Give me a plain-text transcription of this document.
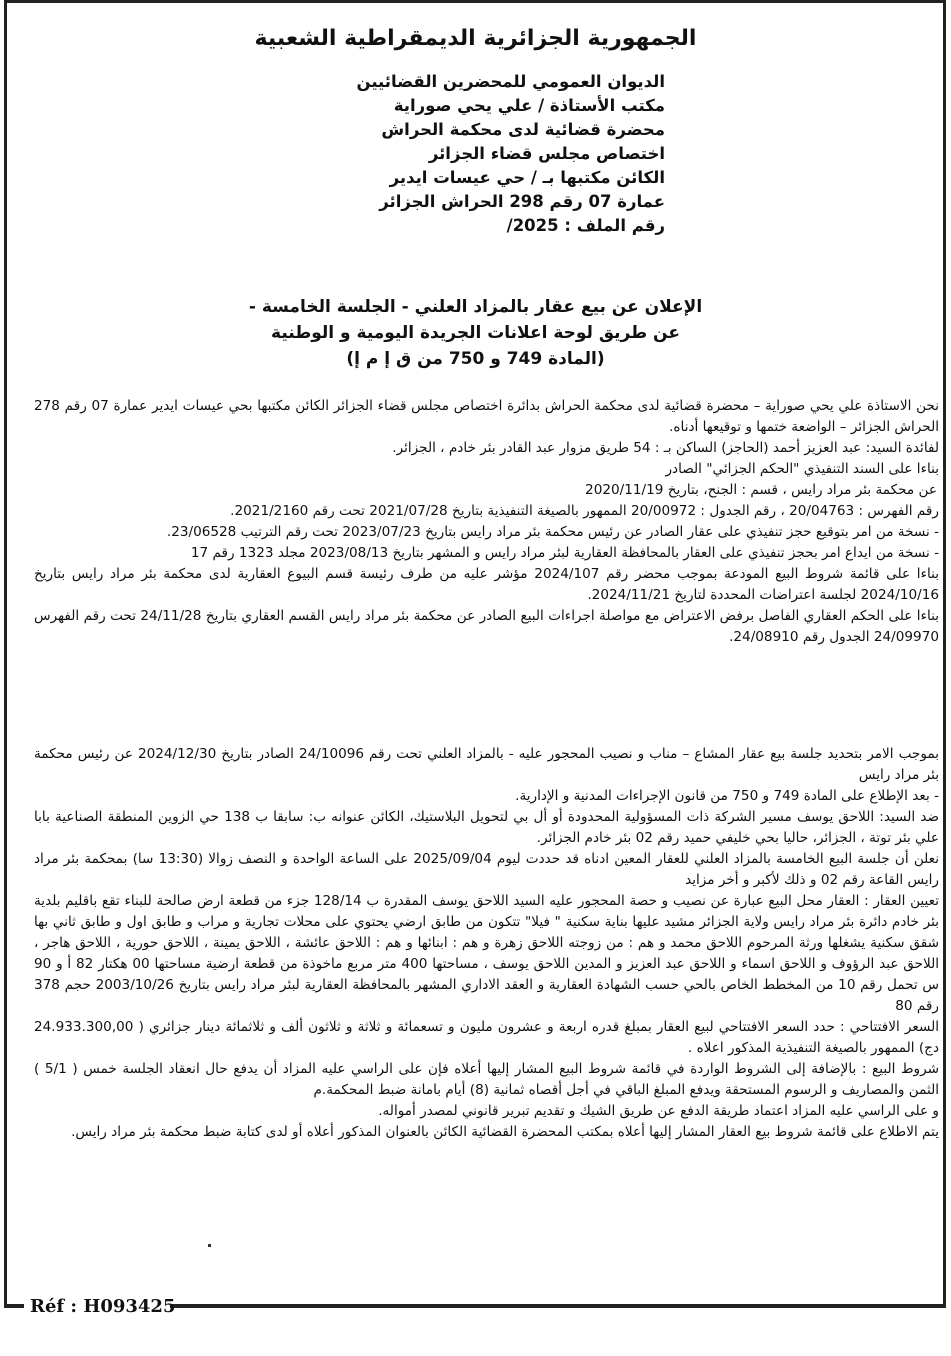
الجمهورية الجزائرية الديمقراطية الشعبية
الديوان العمومي للمحضرين القضائيين
مكتب الأستاذة / علي يحي صوراية
محضرة قضائية لدى محكمة الحراش
اختصاص مجلس قضاء الجزائر
الكائن مكتبها بـ / حي عيسات ايدير
عمارة 07 رقم 298 الحراش الجزائر
رقم الملف : 2025/
الإعلان عن بيع عقار بالمزاد العلني - الجلسة الخامسة -
عن طريق لوحة اعلانات الجريدة اليومية و الوطنية
(المادة 749 و 750 من ق إ م إ)

نحن الاستاذة علي يحي صوراية – محضرة قضائية لدى محكمة الحراش بدائرة اختصاص مجلس قضاء الجزائر الكائن مكتبها بحي عيسات ايدير عمارة 07 رقم 278 الحراش الجزائر – الواضعة ختمها و توقيعها أدناه.

لفائدة السيد: عبد العزيز أحمد (الحاجز) الساكن بـ : 54 طريق مزوار عبد القادر بئر خادم ، الجزائر.

بناءا على السند التنفيذي "الحكم الجزائي" الصادر

عن محكمة بئر مراد رايس ، قسم : الجنح، بتاريخ 2020/11/19

رقم الفهرس : 20/04763 ، رقم الجدول : 20/00972 الممهور بالصيغة التنفيذية بتاريخ 2021/07/28 تحت رقم 2021/2160.

- نسخة من امر بتوقيع حجز تنفيذي على عقار الصادر عن رئيس محكمة بئر مراد رايس بتاريخ 2023/07/23 تحت رقم الترتيب 23/06528.

- نسخة من ايداع امر بحجز تنفيذي على العقار بالمحافظة العقارية لبئر مراد رايس و المشهر بتاريخ 2023/08/13 مجلد 1323 رقم 17

بناءا على قائمة شروط البيع المودعة بموجب محضر رقم 2024/107 مؤشر عليه من طرف رئيسة قسم البيوع العقارية لدى محكمة بئر مراد رايس بتاريخ 2024/10/16 لجلسة اعتراضات المحددة لتاريخ 2024/11/21.

بناءا على الحكم العقاري الفاصل برفض الاعتراض مع مواصلة اجراءات البيع الصادر عن محكمة بئر مراد رايس القسم العقاري بتاريخ 24/11/28 تحت رقم الفهرس 24/09970 الجدول رقم 24/08910.

بموجب الامر بتحديد جلسة بيع عقار المشاع – مناب و نصيب المحجور عليه - بالمزاد العلني تحت رقم 24/10096 الصادر بتاريخ 2024/12/30 عن رئيس محكمة بئر مراد رايس

- بعد الإطلاع على المادة 749 و 750 من قانون الإجراءات المدنية و الإدارية.

ضد السيد: اللاحق يوسف مسير الشركة ذات المسؤولية المحدودة أو أل بي لتحويل البلاستيك، الكائن عنوانه ب: سابقا ب 138 حي الزوين المنطقة الصناعية بابا علي بئر توتة ، الجزائر، حاليا بحي خليفي حميد رقم 02 بئر خادم الجزائر.

نعلن أن جلسة البيع الخامسة بالمزاد العلني للعقار المعين ادناه قد حددت ليوم 2025/09/04 على الساعة الواحدة و النصف زوالا (13:30 سا) بمحكمة بئر مراد رايس القاعة رقم 02 و ذلك لأكبر و أخر مزايد

تعيين العقار : العقار محل البيع عبارة عن نصيب و حصة المحجور عليه السيد اللاحق يوسف المقدرة ب 128/14 جزء من قطعة ارض صالحة للبناء تقع باقليم بلدية بئر خادم دائرة بئر مراد رايس ولاية الجزائر مشيد عليها بناية سكنية " فيلا" تتكون من طابق ارضي يحتوي على محلات تجارية و مراب و طابق اول و طابق ثاني بها شقق سكنية يشغلها ورثة المرحوم اللاحق محمد و هم : من زوجته اللاحق زهرة و هم : ابنائها و هم : اللاحق عائشة ، اللاحق يمينة ، اللاحق حورية ، اللاحق هاجر ، اللاحق عبد الرؤوف و اللاحق اسماء و اللاحق عبد العزيز و المدين اللاحق يوسف ، مساحتها 400 متر مربع ماخوذة من قطعة ارضية مساحتها 00 هكتار 82 أ و 90 س تحمل رقم 10 من المخطط الخاص بالحي حسب الشهادة العقارية و العقد الاداري المشهر بالمحافظة العقارية لبئر مراد رايس بتاريخ 2003/10/26 حجم 378 رقم 80

السعر الافتتاحي : حدد السعر الافتتاحي لبيع العقار بمبلغ قدره اربعة و عشرون مليون و تسعمائة و ثلاثة و ثلاثون ألف و ثلاثمائة دينار جزائري ( 24.933.300,00 دج) الممهور بالصيغة التنفيذية المذكور اعلاه .

شروط البيع : بالإضافة إلى الشروط الواردة في قائمة شروط البيع المشار إليها أعلاه فإن على الراسي عليه المزاد أن يدفع حال انعقاد الجلسة خمس ( 5/1 ) الثمن والمصاريف و الرسوم المستحقة ويدفع المبلغ الباقي في أجل أقصاه ثمانية (8) أيام بامانة ضبط المحكمة.م

و على الراسي عليه المزاد اعتماد طريقة الدفع عن طريق الشيك و تقديم تبرير قانوني لمصدر أمواله.

يتم الاطلاع على قائمة شروط بيع العقار المشار إليها أعلاه بمكتب المحضرة القضائية الكائن بالعنوان المذكور أعلاه أو لدى كتابة ضبط محكمة بئر مراد رايس.

Réf : H093425
